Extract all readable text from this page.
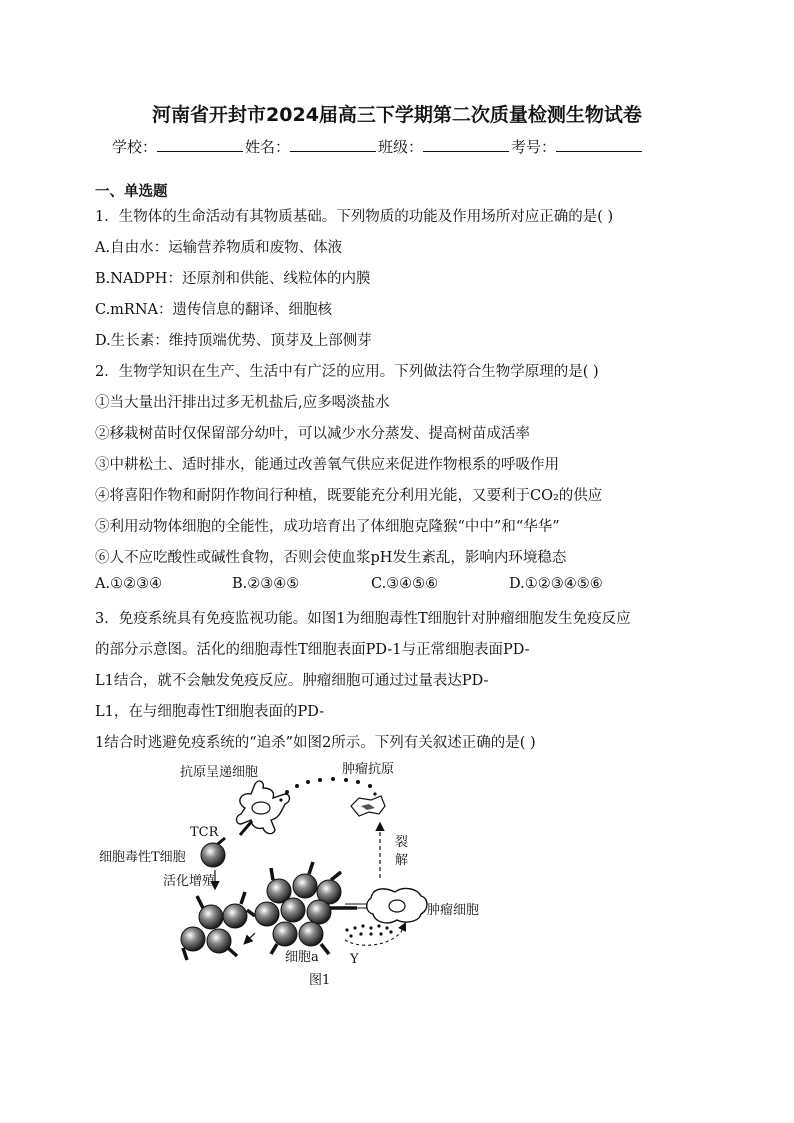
河南省开封市2024届高三下学期第二次质量检测生物试卷
学校：	姓名：	班级：	考号：
一、单选题
1．生物体的生命活动有其物质基础。下列物质的功能及作用场所对应正确的是( )
A.自由水：运输营养物质和废物、体液
B.NADPH：还原剂和供能、线粒体的内膜
C.mRNA：遗传信息的翻译、细胞核
D.生长素：维持顶端优势、顶芽及上部侧芽
2．生物学知识在生产、生活中有广泛的应用。下列做法符合生物学原理的是( )
①当大量出汗排出过多无机盐后,应多喝淡盐水
②移栽树苗时仅保留部分幼叶，可以减少水分蒸发、提高树苗成活率
③中耕松土、适时排水，能通过改善氧气供应来促进作物根系的呼吸作用
④将喜阳作物和耐阴作物间行种植，既要能充分利用光能，又要利于CO₂的供应
⑤利用动物体细胞的全能性，成功培育出了体细胞克隆猴“中中”和“华华”
⑥人不应吃酸性或碱性食物，否则会使血浆pH发生紊乱，影响内环境稳态
A.①②③④	B.②③④⑤	C.③④⑤⑥	D.①②③④⑤⑥
3．免疫系统具有免疫监视功能。如图1为细胞毒性T细胞针对肿瘤细胞发生免疫反应
的部分示意图。活化的细胞毒性T细胞表面PD-1与正常细胞表面PD-
L1结合，就不会触发免疫反应。肿瘤细胞可通过过量表达PD-
L1，在与细胞毒性T细胞表面的PD-
1结合时逃避免疫系统的“追杀”如图2所示。下列有关叙述正确的是( )
抗原呈递细胞	肿瘤抗原
TCR
细胞毒性T细胞
活化增殖
裂
解
肿瘤细胞
细胞a Y
图1
